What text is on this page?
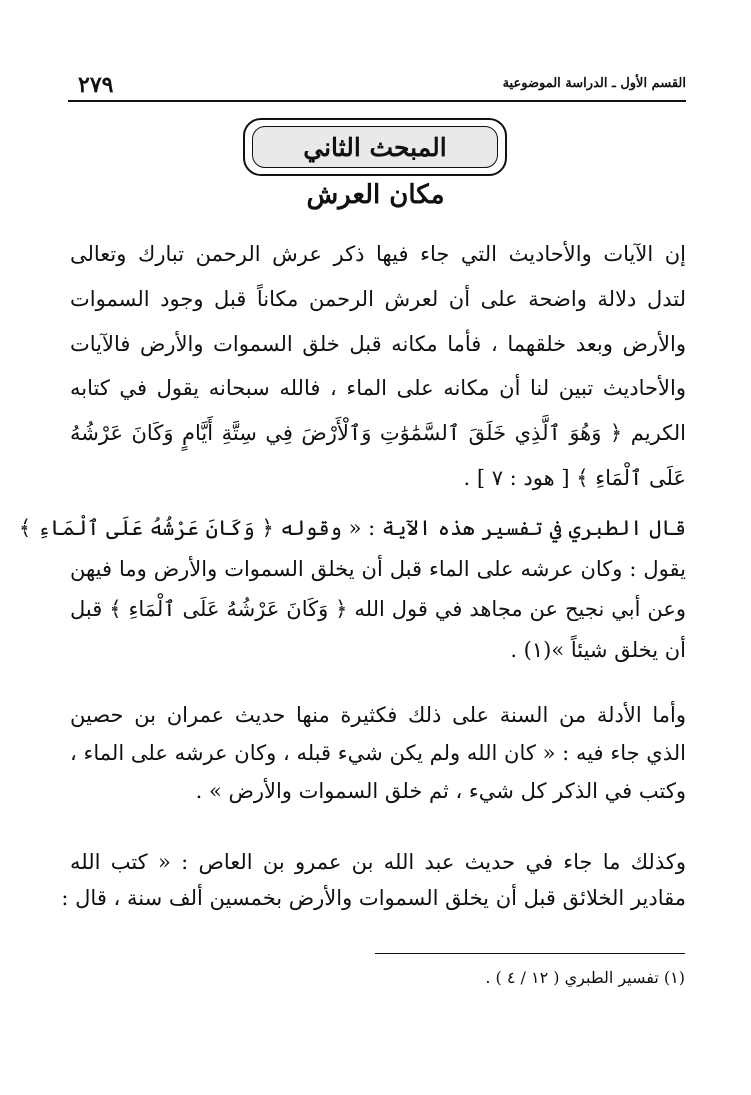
٢٧٩	القسم الأول ـ الدراسة الموضوعية
المبحث الثاني
مكان العرش
إن الآيات والأحاديث التي جاء فيها ذكر عرش الرحمن تبارك وتعالى
لتدل دلالة واضحة على أن لعرش الرحمن مكاناً قبل وجود السموات
والأرض وبعد خلقهما ، فأما مكانه قبل خلق السموات والأرض فالآيات
والأحاديث تبين لنا أن مكانه على الماء ، فالله سبحانه يقول في كتابه
الكريم ﴿ وَهُوَ ٱلَّذِي خَلَقَ ٱلسَّمَٰوَٰتِ وَٱلْأَرْضَ فِي سِتَّةِ أَيَّامٍ وَكَانَ عَرْشُهُ
عَلَى ٱلْمَاءِ ﴾ [ هود : ٧ ] .
قال الطبري في تفسير هذه الآية : « وقوله ﴿ وَكَانَ عَرْشُهُ عَلَى ٱلْمَاءِ ﴾
يقول : وكان عرشه على الماء قبل أن يخلق السموات والأرض وما فيهن
وعن أبي نجيح عن مجاهد في قول الله ﴿ وَكَانَ عَرْشُهُ عَلَى ٱلْمَاءِ ﴾ قبل
أن يخلق شيئاً »(١) .
وأما الأدلة من السنة على ذلك فكثيرة منها حديث عمران بن حصين
الذي جاء فيه : « كان الله ولم يكن شيء قبله ، وكان عرشه على الماء ،
وكتب في الذكر كل شيء ، ثم خلق السموات والأرض » .
وكذلك ما جاء في حديث عبد الله بن عمرو بن العاص : « كتب الله
مقادير الخلائق قبل أن يخلق السموات والأرض بخمسين ألف سنة ، قال :
(١) تفسير الطبري ( ١٢ / ٤ ) .
